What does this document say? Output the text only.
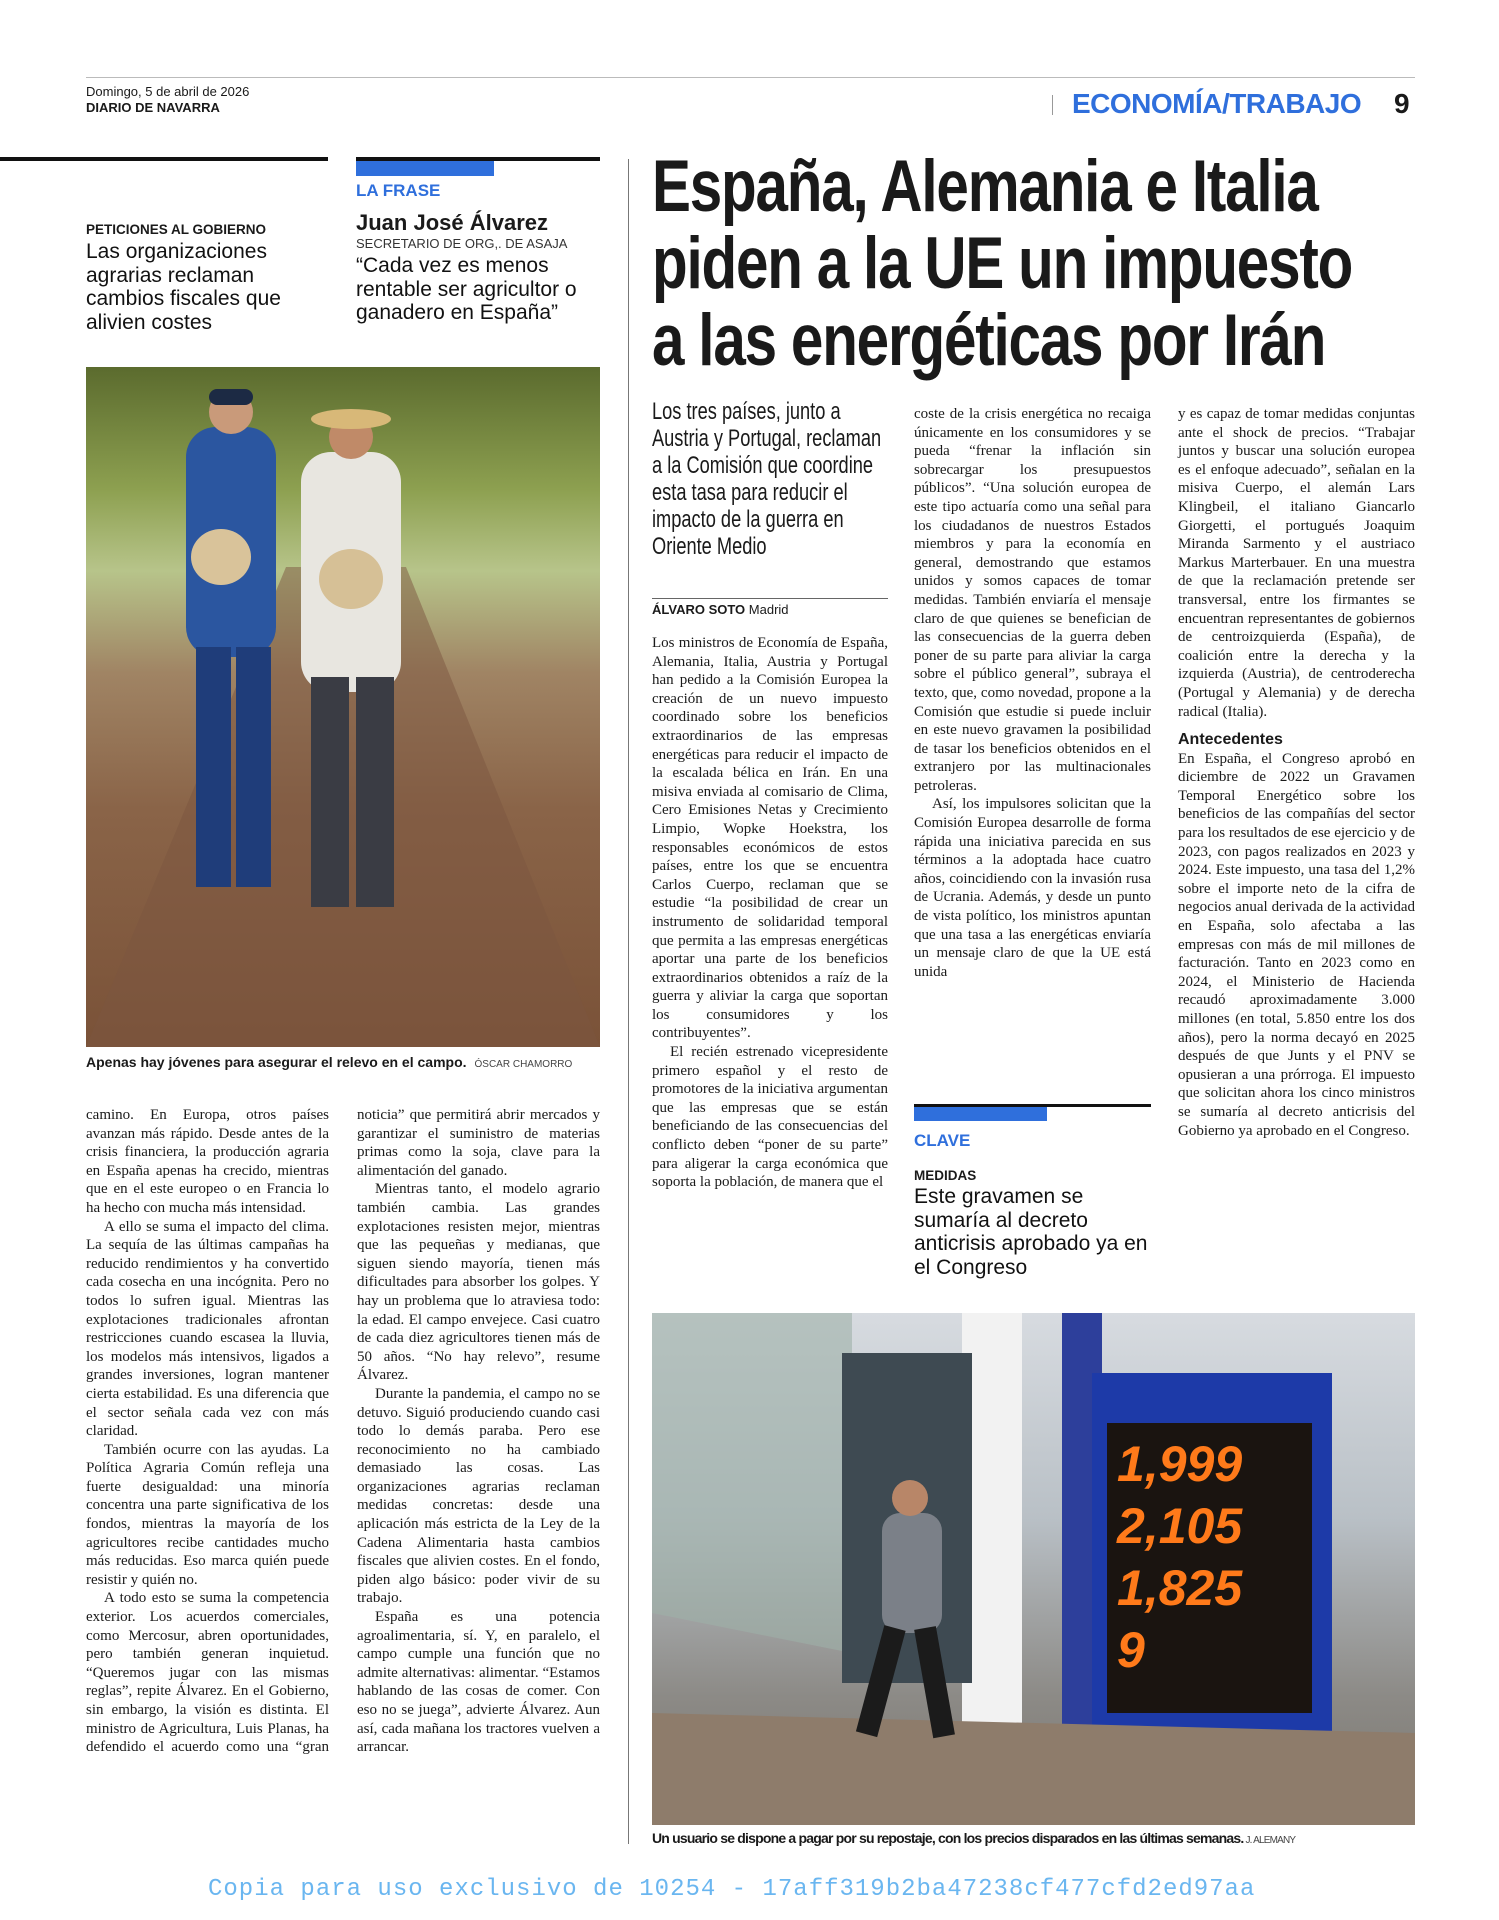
Domingo, 5 de abril de 2026
DIARIO DE NAVARRA	ECONOMÍA/TRABAJO 9
PETICIONES AL GOBIERNO
Las organizaciones agrarias reclaman cambios fiscales que alivien costes
LA FRASE
Juan José Álvarez
SECRETARIO DE ORG,. DE ASAJA
“Cada vez es menos rentable ser agricultor o ganadero en España”
Apenas hay jóvenes para asegurar el relevo en el campo. ÓSCAR CHAMORRO

camino. En Europa, otros países avanzan más rápido. Desde antes de la crisis financiera, la producción agraria en España apenas ha crecido, mientras que en el este europeo o en Francia lo ha hecho con mucha más intensidad.

A ello se suma el impacto del clima. La sequía de las últimas campañas ha reducido rendimientos y ha convertido cada cosecha en una incógnita. Pero no todos lo sufren igual. Mientras las explotaciones tradicionales afrontan restricciones cuando escasea la lluvia, los modelos más intensivos, ligados a grandes inversiones, logran mantener cierta estabilidad. Es una diferencia que el sector señala cada vez con más claridad.

También ocurre con las ayudas. La Política Agraria Común refleja una fuerte desigualdad: una minoría concentra una parte significativa de los fondos, mientras la mayoría de los agricultores recibe cantidades mucho más reducidas. Eso marca quién puede resistir y quién no.

A todo esto se suma la competencia exterior. Los acuerdos comerciales, como Mercosur, abren oportunidades, pero también generan inquietud. “Queremos jugar con las mismas reglas”, repite Álvarez. En el Gobierno, sin embargo, la visión es distinta. El ministro de Agricultura, Luis Planas, ha defendido el acuerdo como una “gran noticia” que permitirá abrir mercados y garantizar el suministro de materias primas como la soja, clave para la alimentación del ganado.

Mientras tanto, el modelo agrario también cambia. Las grandes explotaciones resisten mejor, mientras que las pequeñas y medianas, que siguen siendo mayoría, tienen más dificultades para absorber los golpes. Y hay un problema que lo atraviesa todo: la edad. El campo envejece. Casi cuatro de cada diez agricultores tienen más de 50 años. “No hay relevo”, resume Álvarez.

Durante la pandemia, el campo no se detuvo. Siguió produciendo cuando casi todo lo demás paraba. Pero ese reconocimiento no ha cambiado demasiado las cosas. Las organizaciones agrarias reclaman medidas concretas: desde una aplicación más estricta de la Ley de la Cadena Alimentaria hasta cambios fiscales que alivien costes. En el fondo, piden algo básico: poder vivir de su trabajo.

España es una potencia agroalimentaria, sí. Y, en paralelo, el campo cumple una función que no admite alternativas: alimentar. “Estamos hablando de las cosas de comer. Con eso no se juega”, advierte Álvarez. Aun así, cada mañana los tractores vuelven a arrancar.

España, Alemania e Italia
piden a la UE un impuesto
a las energéticas por Irán
Los tres países, junto a Austria y Portugal, reclaman a la Comisión que coordine esta tasa para reducir el impacto de la guerra en Oriente Medio
ÁLVARO SOTO Madrid

Los ministros de Economía de España, Alemania, Italia, Austria y Portugal han pedido a la Comisión Europea la creación de un nuevo impuesto coordinado sobre los beneficios extraordinarios de las empresas energéticas para reducir el impacto de la escalada bélica en Irán. En una misiva enviada al comisario de Clima, Cero Emisiones Netas y Crecimiento Limpio, Wopke Hoekstra, los responsables económicos de estos países, entre los que se encuentra Carlos Cuerpo, reclaman que se estudie “la posibilidad de crear un instrumento de solidaridad temporal que permita a las empresas energéticas aportar una parte de los beneficios extraordinarios obtenidos a raíz de la guerra y aliviar la carga que soportan los consumidores y los contribuyentes”.

El recién estrenado vicepresidente primero español y el resto de promotores de la iniciativa argumentan que las empresas que se están beneficiando de las consecuencias del conflicto deben “poner de su parte” para aligerar la carga económica que soporta la población, de manera que el

coste de la crisis energética no recaiga únicamente en los consumidores y se pueda “frenar la inflación sin sobrecargar los presupuestos públicos”. “Una solución europea de este tipo actuaría como una señal para los ciudadanos de nuestros Estados miembros y para la economía en general, demostrando que estamos unidos y somos capaces de tomar medidas. También enviaría el mensaje claro de que quienes se benefician de las consecuencias de la guerra deben poner de su parte para aliviar la carga sobre el público general”, subraya el texto, que, como novedad, propone a la Comisión que estudie si puede incluir en este nuevo gravamen la posibilidad de tasar los beneficios obtenidos en el extranjero por las multinacionales petroleras.

Así, los impulsores solicitan que la Comisión Europea desarrolle de forma rápida una iniciativa parecida en sus términos a la adoptada hace cuatro años, coincidiendo con la invasión rusa de Ucrania. Además, y desde un punto de vista político, los ministros apuntan que una tasa a las energéticas enviaría un mensaje claro de que la UE está unida

y es capaz de tomar medidas conjuntas ante el shock de precios. “Trabajar juntos y buscar una solución europea es el enfoque adecuado”, señalan en la misiva Cuerpo, el alemán Lars Klingbeil, el italiano Giancarlo Giorgetti, el portugués Joaquim Miranda Sarmento y el austriaco Markus Marterbauer. En una muestra de que la reclamación pretende ser transversal, entre los firmantes se encuentran representantes de gobiernos de centroizquierda (España), de coalición entre la derecha y la izquierda (Austria), de centroderecha (Portugal y Alemania) y de derecha radical (Italia).

Antecedentes

En España, el Congreso aprobó en diciembre de 2022 un Gravamen Temporal Energético sobre los beneficios de las compañías del sector para los resultados de ese ejercicio y de 2023, con pagos realizados en 2023 y 2024. Este impuesto, una tasa del 1,2% sobre el importe neto de la cifra de negocios anual derivada de la actividad en España, solo afectaba a las empresas con más de mil millones de facturación. Tanto en 2023 como en 2024, el Ministerio de Hacienda recaudó aproximadamente 3.000 millones (en total, 5.850 entre los dos años), pero la norma decayó en 2025 después de que Junts y el PNV se opusieran a una prórroga. El impuesto que solicitan ahora los cinco ministros se sumaría al decreto anticrisis del Gobierno ya aprobado en el Congreso.

CLAVE
MEDIDAS
Este gravamen se sumaría al decreto anticrisis aprobado ya en el Congreso
1,999
2,105
1,825
9
Un usuario se dispone a pagar por su repostaje, con los precios disparados en las últimas semanas. J. ALEMANY
Copia para uso exclusivo de 10254 - 17aff319b2ba47238cf477cfd2ed97aa
